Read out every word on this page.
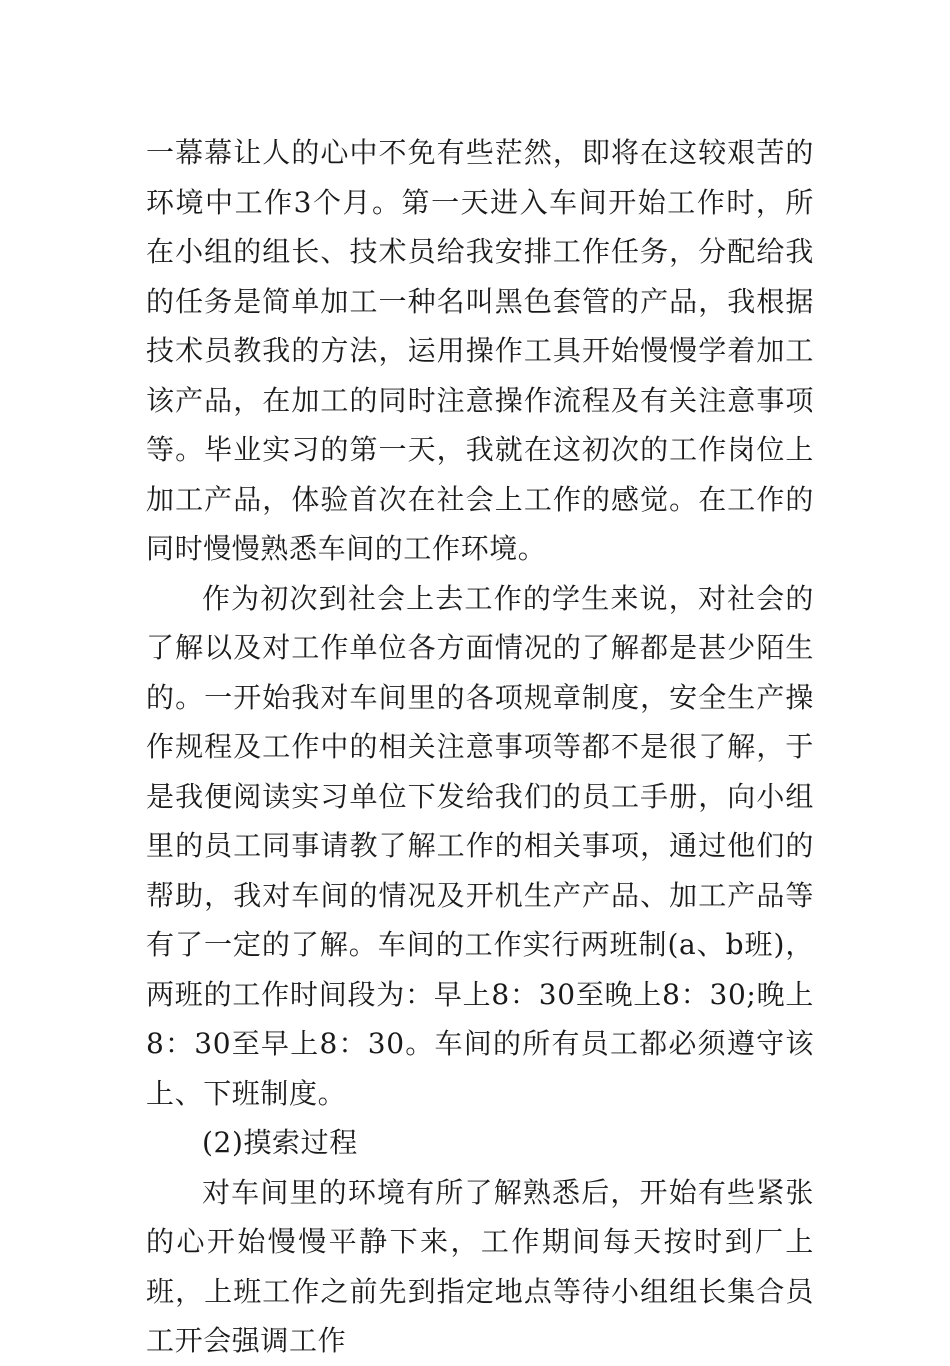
一幕幕让人的心中不免有些茫然，即将在这较艰苦的环境中工作3个月。第一天进入车间开始工作时，所在小组的组长、技术员给我安排工作任务，分配给我的任务是简单加工一种名叫黑色套管的产品，我根据技术员教我的方法，运用操作工具开始慢慢学着加工该产品，在加工的同时注意操作流程及有关注意事项等。毕业实习的第一天，我就在这初次的工作岗位上加工产品，体验首次在社会上工作的感觉。在工作的同时慢慢熟悉车间的工作环境。

作为初次到社会上去工作的学生来说，对社会的了解以及对工作单位各方面情况的了解都是甚少陌生的。一开始我对车间里的各项规章制度，安全生产操作规程及工作中的相关注意事项等都不是很了解，于是我便阅读实习单位下发给我们的员工手册，向小组里的员工同事请教了解工作的相关事项，通过他们的帮助，我对车间的情况及开机生产产品、加工产品等有了一定的了解。车间的工作实行两班制(a、b班)，两班的工作时间段为：早上8：30至晚上8：30;晚上8：30至早上8：30。车间的所有员工都必须遵守该上、下班制度。

(2)摸索过程

对车间里的环境有所了解熟悉后，开始有些紧张的心开始慢慢平静下来，工作期间每天按时到厂上班，上班工作之前先到指定地点等待小组组长集合员工开会强调工作
